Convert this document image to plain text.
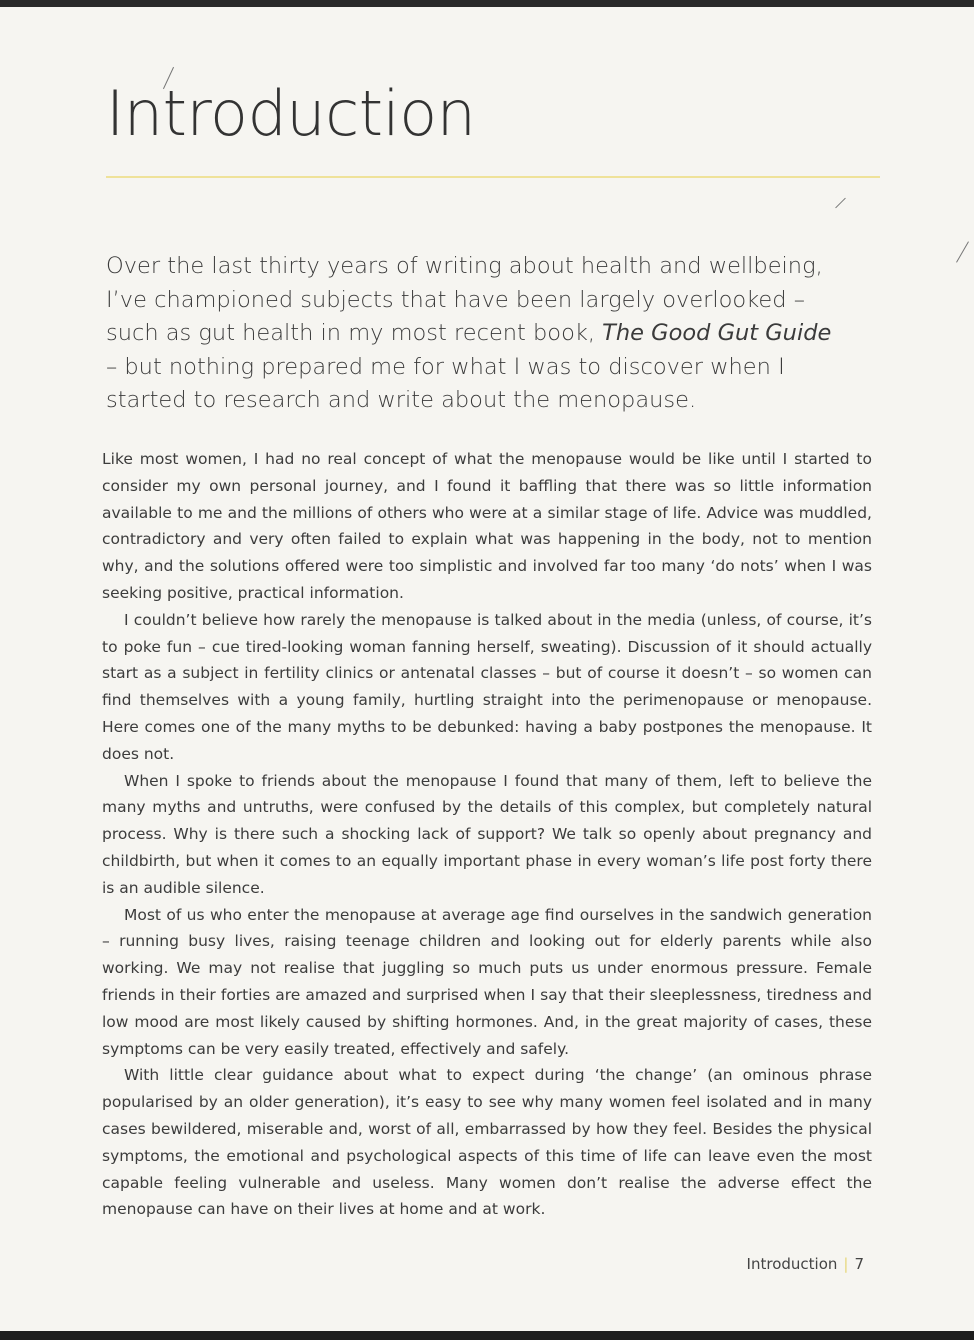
Introduction

Over the last thirty years of writing about health and wellbeing, I’ve championed subjects that have been largely overlooked – such as gut health in my most recent book, The Good Gut Guide – but nothing prepared me for what I was to discover when I started to research and write about the menopause.

Like most women, I had no real concept of what the menopause would be like until I started to consider my own personal journey, and I found it baffling that there was so little information available to me and the millions of others who were at a similar stage of life. Advice was muddled, contradictory and very often failed to explain what was happening in the body, not to mention why, and the solutions offered were too simplistic and involved far too many ‘do nots’ when I was seeking positive, practical information.

I couldn’t believe how rarely the menopause is talked about in the media (unless, of course, it’s to poke fun – cue tired-looking woman fanning herself, sweating). Discussion of it should actually start as a subject in fertility clinics or antenatal classes – but of course it doesn’t – so women can find themselves with a young family, hurtling straight into the perimenopause or menopause. Here comes one of the many myths to be debunked: having a baby postpones the menopause. It does not.

When I spoke to friends about the menopause I found that many of them, left to believe the many myths and untruths, were confused by the details of this complex, but completely natural process. Why is there such a shocking lack of support? We talk so openly about pregnancy and childbirth, but when it comes to an equally important phase in every woman’s life post forty there is an audible silence.

Most of us who enter the menopause at average age find ourselves in the sandwich generation – running busy lives, raising teenage children and looking out for elderly parents while also working. We may not realise that juggling so much puts us under enormous pressure. Female friends in their forties are amazed and surprised when I say that their sleeplessness, tiredness and low mood are most likely caused by shifting hormones. And, in the great majority of cases, these symptoms can be very easily treated, effectively and safely.

With little clear guidance about what to expect during ‘the change’ (an ominous phrase popularised by an older generation), it’s easy to see why many women feel isolated and in many cases bewildered, miserable and, worst of all, embarrassed by how they feel. Besides the physical symptoms, the emotional and psychological aspects of this time of life can leave even the most capable feeling vulnerable and useless. Many women don’t realise the adverse effect the menopause can have on their lives at home and at work.

Introduction | 7
